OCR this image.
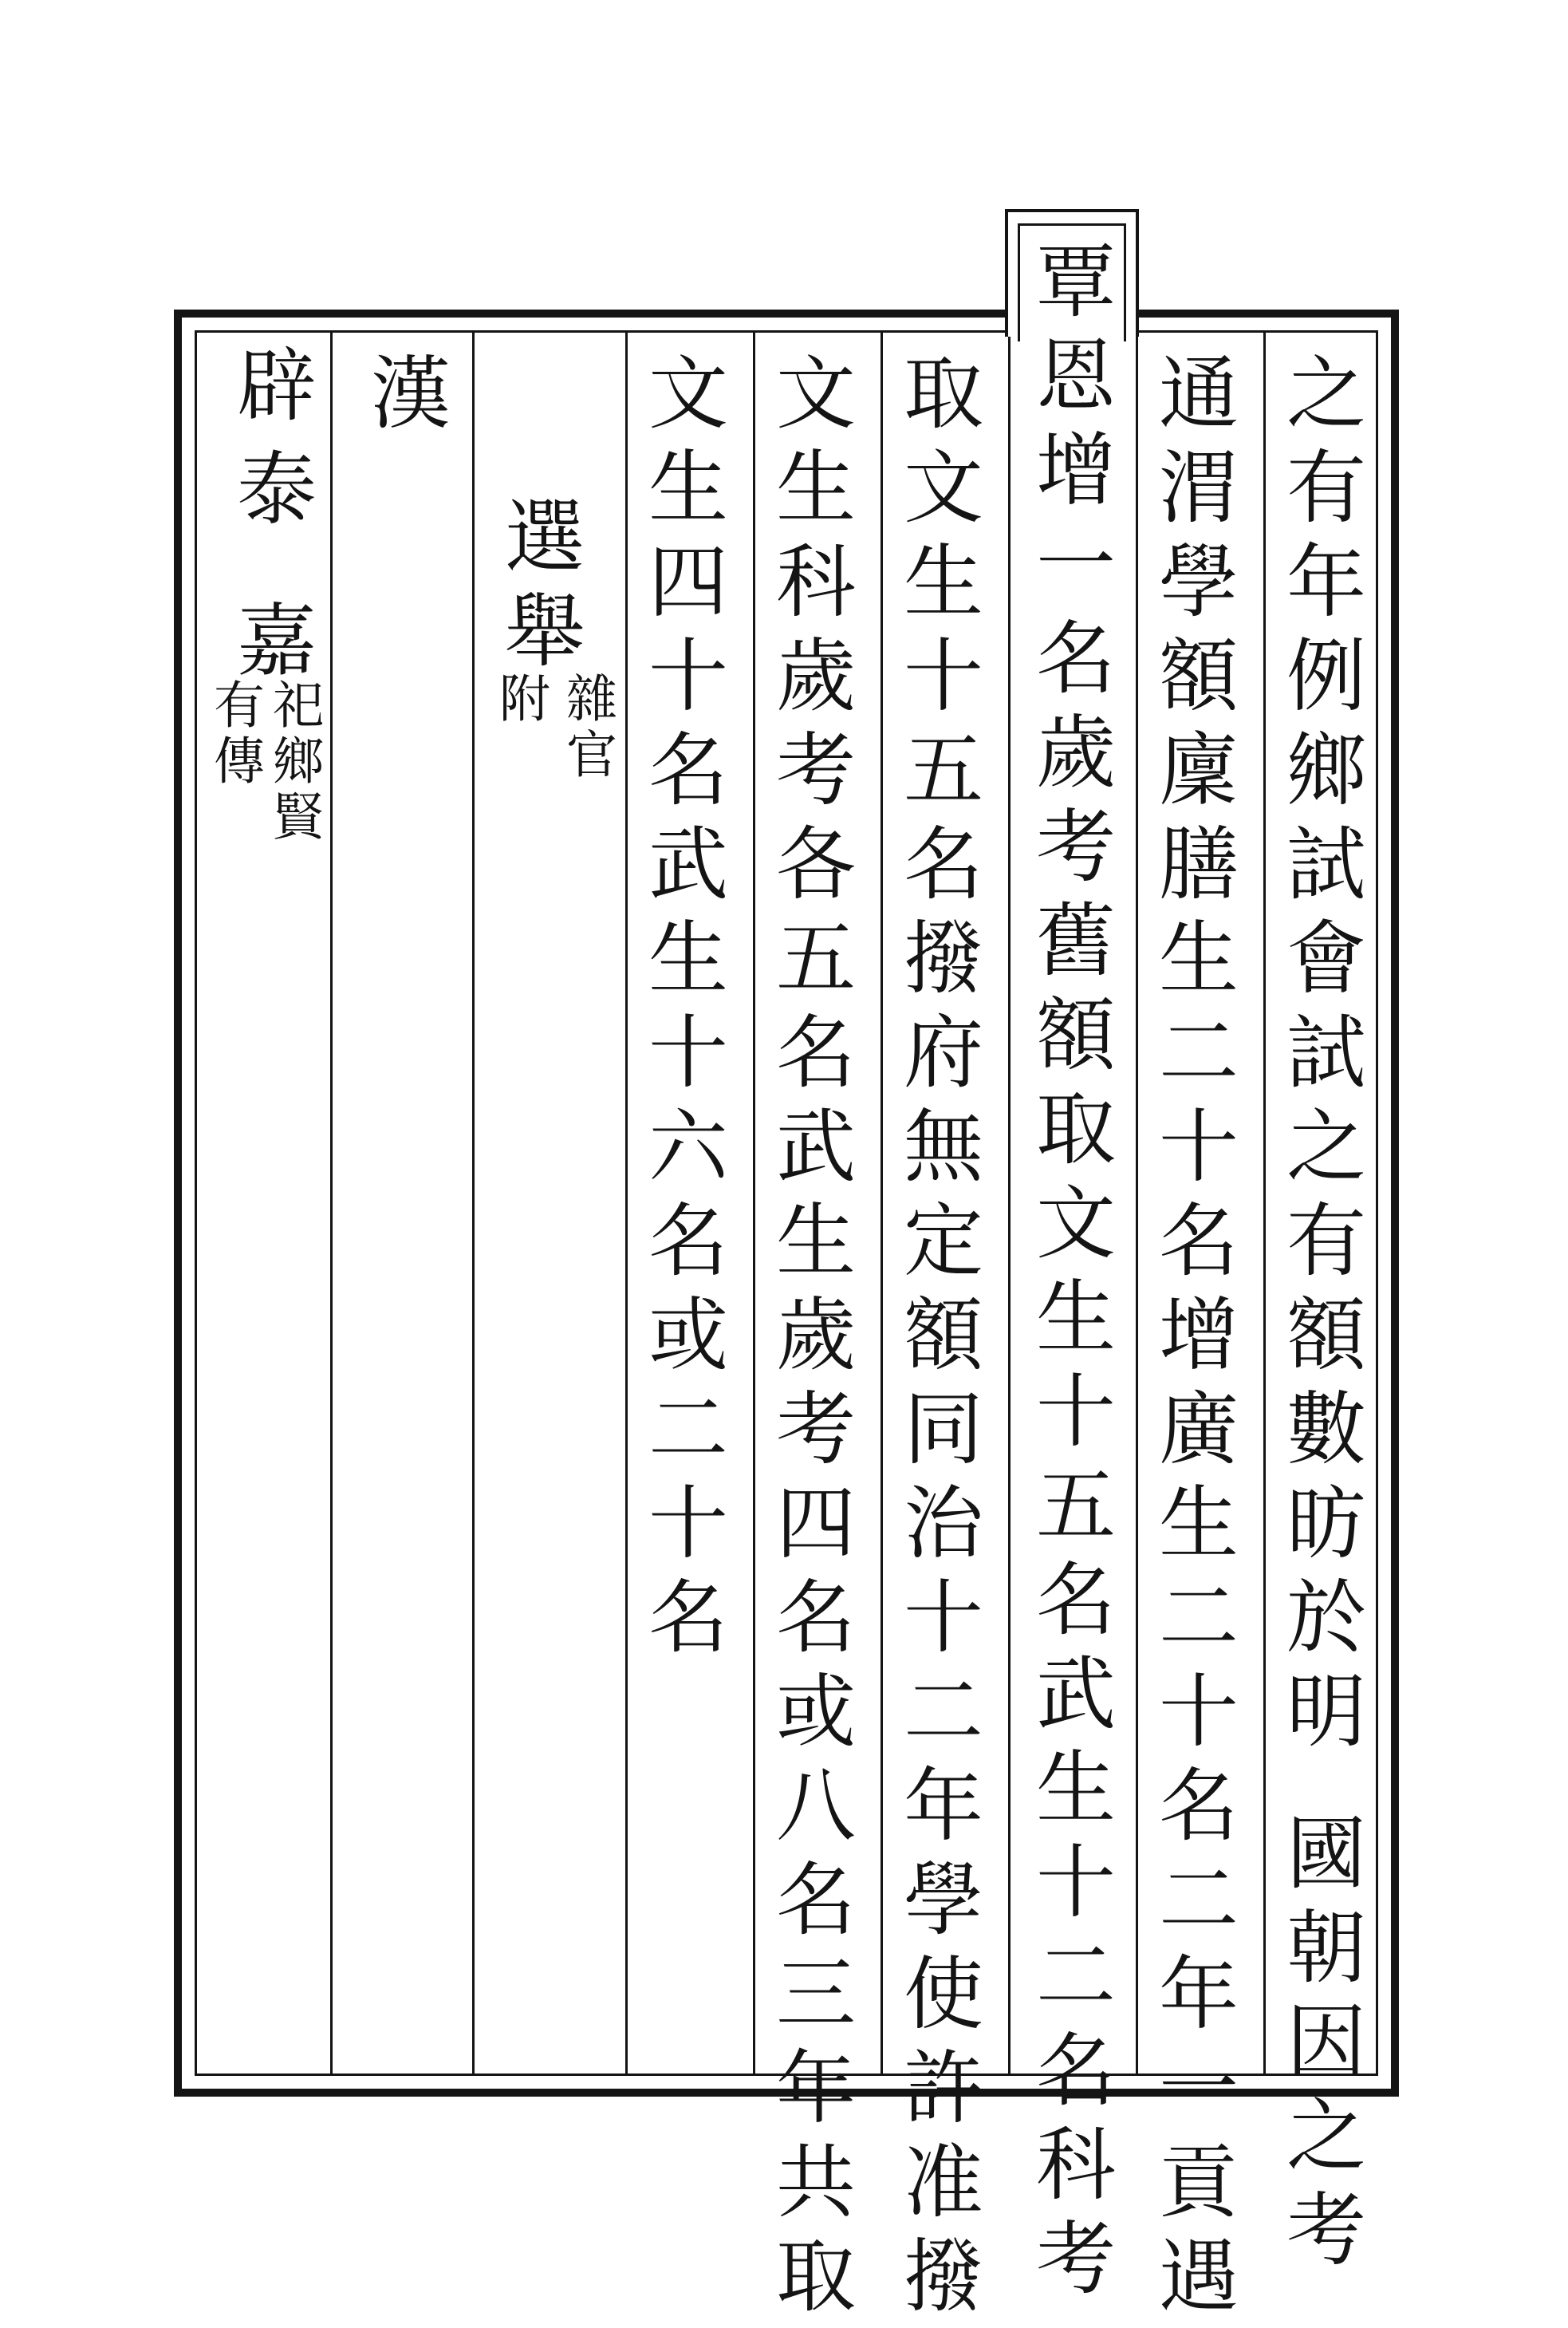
之有年例鄉試會試之有額數昉於明國朝因之考
通渭學額廩膳生二十名增廣生二十名二年一貢遇
覃恩增一名歲考舊額取文生十五名武生十二名科考
取文生十五名撥府無定額同治十二年學使許准撥
文生科歲考各五名武生歲考四名或八名三年共取
文生四十名武生十六名或二十名
選舉
雜官
附
漢
辟
泰
嘉
祀鄉賢
有傳
